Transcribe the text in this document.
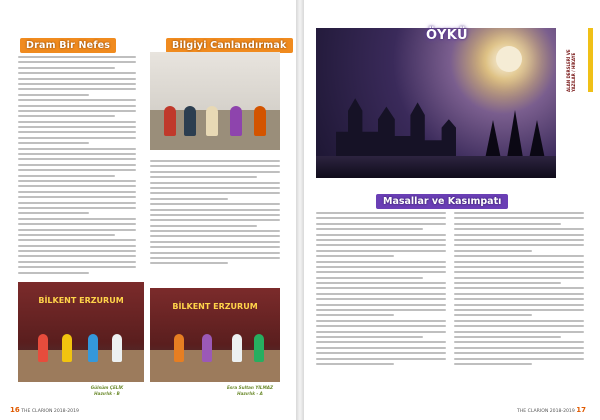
Dram Bir Nefes	Bilgiyi Canlandırmak
BİLKENT ERZURUM
BİLKENT ERZURUM
Gülsüm ÇELİK
Hazırlık - B
Esra Sultan YILMAZ
Hazırlık - A
16 THE CLARION 2018-2019
ÖYKÜ
ALAN DERSLERİ VE YAZILAR / HİKAYE
Masallar ve Kasımpatı
THE CLARION 2018-2019 17
